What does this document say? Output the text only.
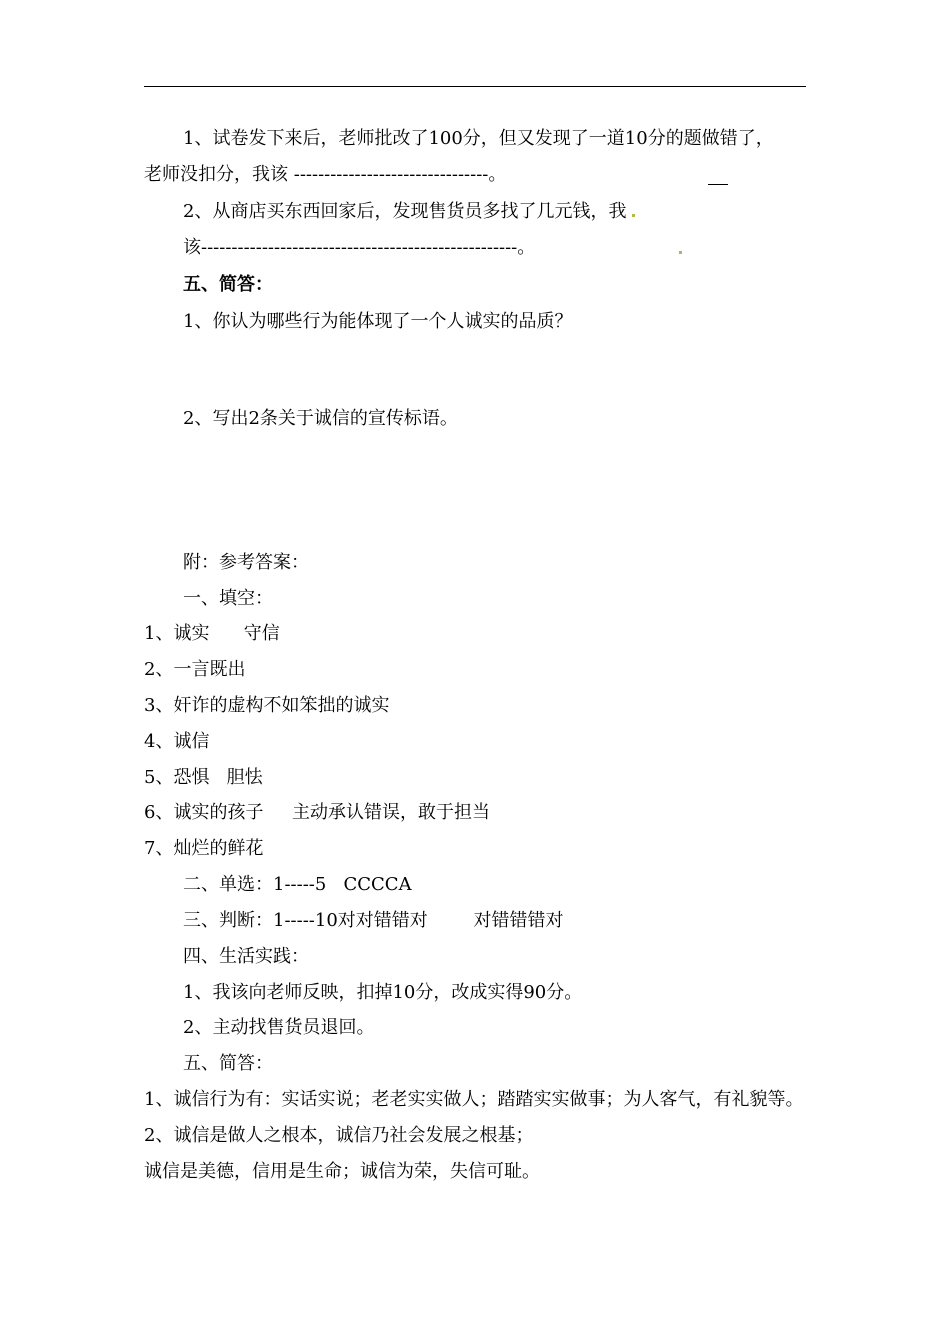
1、试卷发下来后，老师批改了100分，但又发现了一道10分的题做错了，
老师没扣分，我该 --------------------------------。
2、从商店买东西回家后，发现售货员多找了几元钱，我
该----------------------------------------------------。
五、简答：
1、你认为哪些行为能体现了一个人诚实的品质？
2、写出2条关于诚信的宣传标语。
附：参考答案：
一、填空：
1、诚实      守信
2、一言既出
3、奸诈的虚构不如笨拙的诚实
4、诚信
5、恐惧   胆怯
6、诚实的孩子     主动承认错误，敢于担当
7、灿烂的鲜花
二、单选：1-----5   CCCCA
三、判断：1-----10对对错错对        对错错错对
四、生活实践：
1、我该向老师反映，扣掉10分，改成实得90分。
2、主动找售货员退回。
五、简答：
1、诚信行为有：实话实说；老老实实做人；踏踏实实做事；为人客气，有礼貌等。
2、诚信是做人之根本，诚信乃社会发展之根基；
诚信是美德，信用是生命；诚信为荣，失信可耻。
